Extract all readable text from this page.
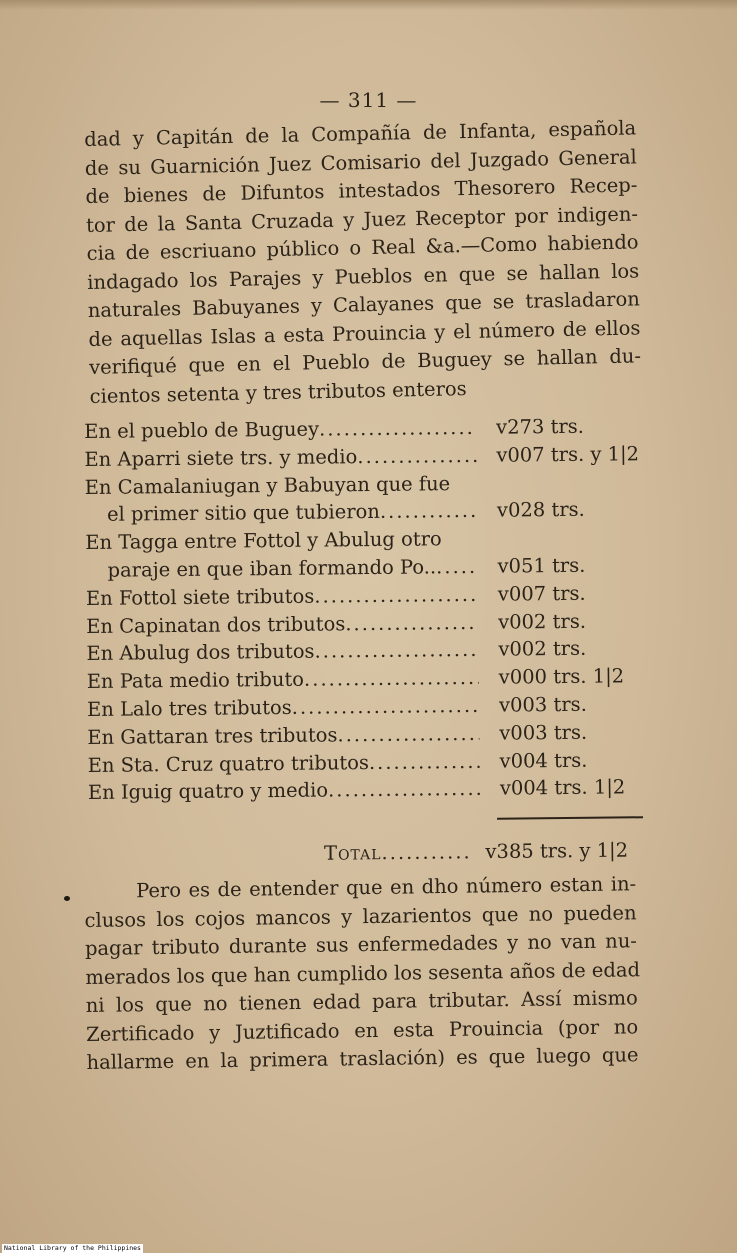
— 311 —
dad y Capitán de la Compañía de Infanta, española
de su Guarnición Juez Comisario del Juzgado General
de bienes de Difuntos intestados Thesorero Recep-
tor de la Santa Cruzada y Juez Receptor por indigen-
cia de escriuano público o Real &a.—Como habiendo
indagado los Parajes y Pueblos en que se hallan los
naturales Babuyanes y Calayanes que se trasladaron
de aquellas Islas a esta Prouincia y el número de ellos
verifiqué que en el Pueblo de Buguey se hallan du-
cientos setenta y tres tributos enteros
En el pueblo de Buguey .....	v273 trs.
En Aparri siete trs. y medio .....	v007 trs. y 1|2
En Camalaniugan y Babuyan que fue
el primer sitio que tubieron .....	v028 trs.
En Tagga entre Fottol y Abulug otro
paraje en que iban formando Po.. .....	v051 trs.
En Fottol siete tributos .....	v007 trs.
En Capinatan dos tributos .....	v002 trs.
En Abulug dos tributos .....	v002 trs.
En Pata medio tributo .....	v000 trs. 1|2
En Lalo tres tributos .....	v003 trs.
En Gattaran tres tributos .....	v003 trs.
En Sta. Cruz quatro tributos .....	v004 trs.
En Iguig quatro y medio .....	v004 trs. 1|2
Total .....	v385 trs. y 1|2
Pero es de entender que en dho número estan in-
clusos los cojos mancos y lazarientos que no pueden
pagar tributo durante sus enfermedades y no van nu-
merados los que han cumplido los sesenta años de edad
ni los que no tienen edad para tributar. Assí mismo
Zertificado y Juztificado en esta Prouincia (por no
hallarme en la primera traslación) es que luego que
National Library of the Philippines
